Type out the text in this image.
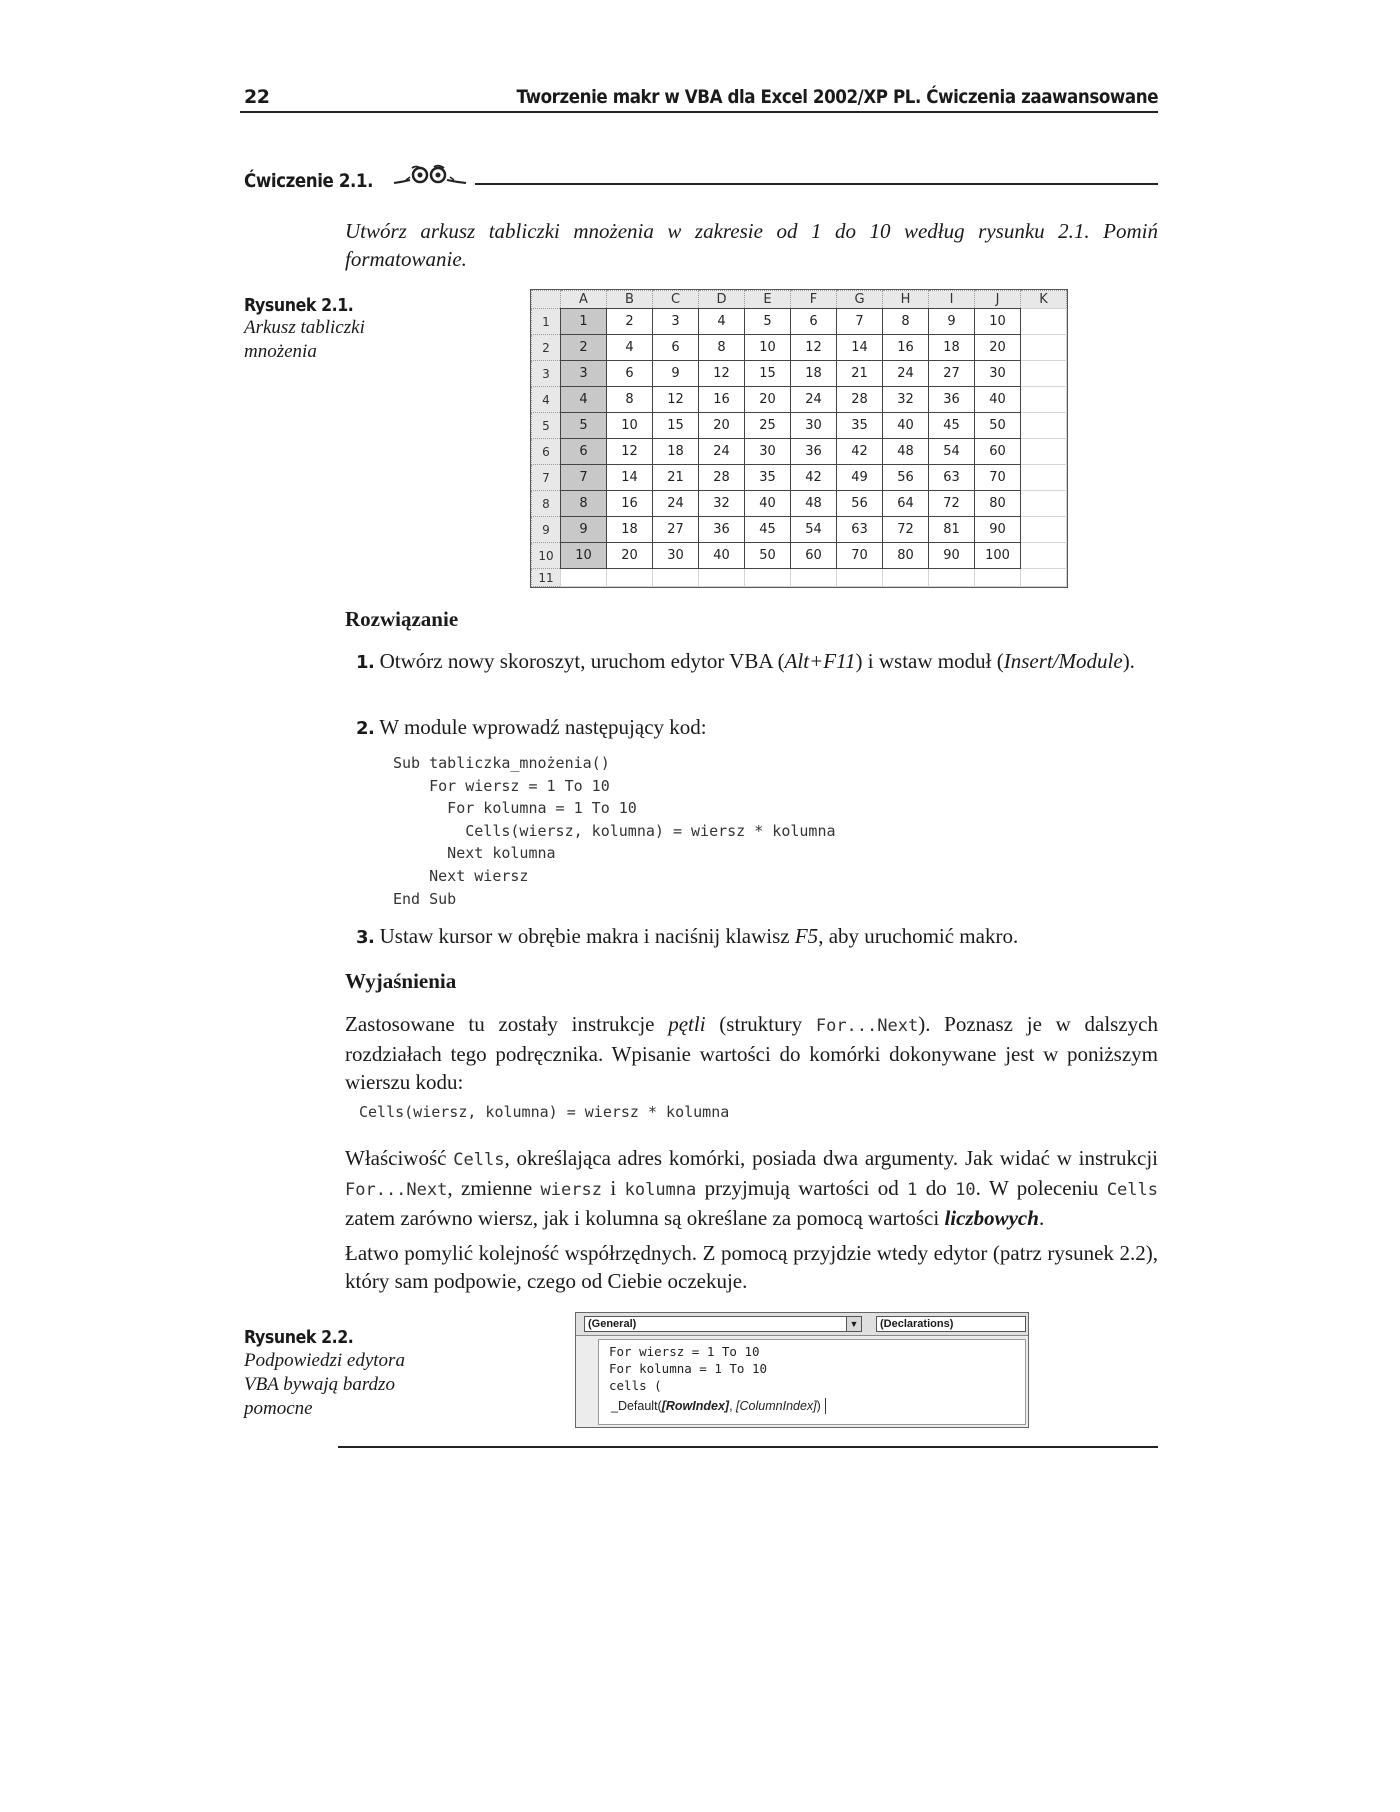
22	Tworzenie makr w VBA dla Excel 2002/XP PL. Ćwiczenia zaawansowane
Ćwiczenie 2.1.
Utwórz arkusz tabliczki mnożenia w zakresie od 1 do 10 według rysunku 2.1. Pomiń formatowanie.
Rysunek 2.1.
Arkusz tabliczki mnożenia
	A	B	C	D	E	F	G	H	I	J	K
1	1	2	3	4	5	6	7	8	9	10	
2	2	4	6	8	10	12	14	16	18	20	
3	3	6	9	12	15	18	21	24	27	30	
4	4	8	12	16	20	24	28	32	36	40	
5	5	10	15	20	25	30	35	40	45	50	
6	6	12	18	24	30	36	42	48	54	60	
7	7	14	21	28	35	42	49	56	63	70	
8	8	16	24	32	40	48	56	64	72	80	
9	9	18	27	36	45	54	63	72	81	90	
10	10	20	30	40	50	60	70	80	90	100	
11											
Rozwiązanie
1. Otwórz nowy skoroszyt, uruchom edytor VBA (Alt+F11) i wstaw moduł (Insert/Module).
2. W module wprowadź następujący kod:
Sub tabliczka_mnożenia()
For wiersz = 1 To 10
For kolumna = 1 To 10
Cells(wiersz, kolumna) = wiersz * kolumna
Next kolumna
Next wiersz
End Sub
3. Ustaw kursor w obrębie makra i naciśnij klawisz F5, aby uruchomić makro.
Wyjaśnienia
Zastosowane tu zostały instrukcje pętli (struktury For...Next). Poznasz je w dalszych rozdziałach tego podręcznika. Wpisanie wartości do komórki dokonywane jest w poniższym wierszu kodu:
Cells(wiersz, kolumna) = wiersz * kolumna
Właściwość Cells, określająca adres komórki, posiada dwa argumenty. Jak widać w instrukcji For...Next, zmienne wiersz i kolumna przyjmują wartości od 1 do 10. W poleceniu Cells zatem zarówno wiersz, jak i kolumna są określane za pomocą wartości liczbowych.
Łatwo pomylić kolejność współrzędnych. Z pomocą przyjdzie wtedy edytor (patrz rysunek 2.2), który sam podpowie, czego od Ciebie oczekuje.
Rysunek 2.2.
Podpowiedzi edytora VBA bywają bardzo pomocne
(General)	▼	(Declarations)
For wiersz = 1 To 10
For kolumna = 1 To 10
cells (
_Default([RowIndex], [ColumnIndex])
